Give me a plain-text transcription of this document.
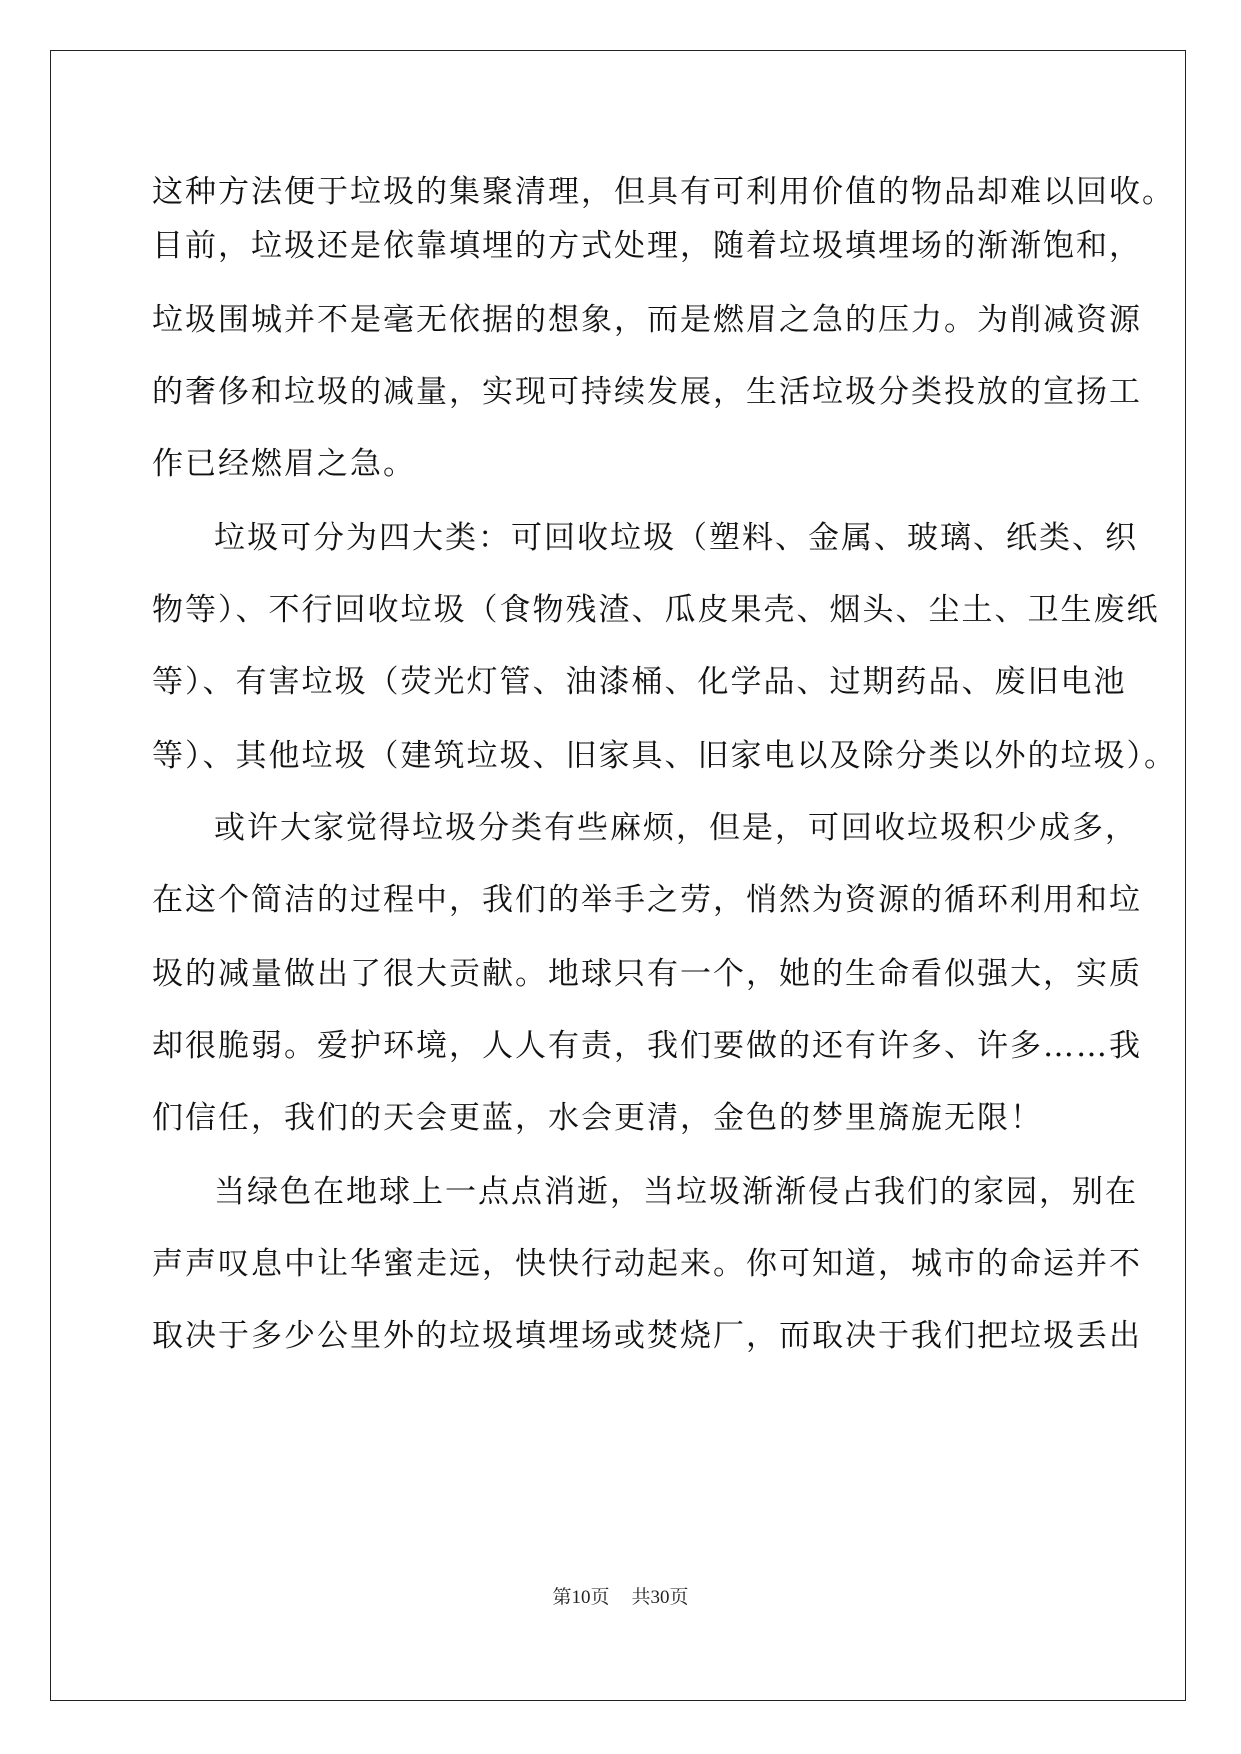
这种方法便于垃圾的集聚清理，但具有可利用价值的物品却难以回收。
目前，垃圾还是依靠填埋的方式处理，随着垃圾填埋场的渐渐饱和，
垃圾围城并不是毫无依据的想象，而是燃眉之急的压力。为削减资源
的奢侈和垃圾的减量，实现可持续发展，生活垃圾分类投放的宣扬工
作已经燃眉之急。
垃圾可分为四大类：可回收垃圾（塑料、金属、玻璃、纸类、织
物等）、不行回收垃圾（食物残渣、瓜皮果壳、烟头、尘土、卫生废纸
等）、有害垃圾（荧光灯管、油漆桶、化学品、过期药品、废旧电池
等）、其他垃圾（建筑垃圾、旧家具、旧家电以及除分类以外的垃圾）。
或许大家觉得垃圾分类有些麻烦，但是，可回收垃圾积少成多，
在这个简洁的过程中，我们的举手之劳，悄然为资源的循环利用和垃
圾的减量做出了很大贡献。地球只有一个，她的生命看似强大，实质
却很脆弱。爱护环境，人人有责，我们要做的还有许多、许多……我
们信任，我们的天会更蓝，水会更清，金色的梦里旖旎无限！
当绿色在地球上一点点消逝，当垃圾渐渐侵占我们的家园，别在
声声叹息中让华蜜走远，快快行动起来。你可知道，城市的命运并不
取决于多少公里外的垃圾填埋场或焚烧厂，而取决于我们把垃圾丢出
第10页 共30页
